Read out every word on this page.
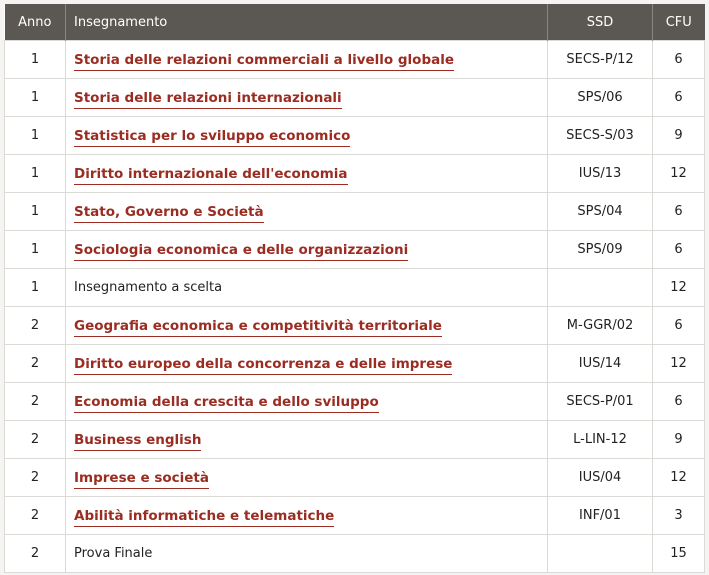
Anno	Insegnamento	SSD	CFU
1	Storia delle relazioni commerciali a livello globale	SECS-P/12	6
1	Storia delle relazioni internazionali	SPS/06	6
1	Statistica per lo sviluppo economico	SECS-S/03	9
1	Diritto internazionale dell'economia	IUS/13	12
1	Stato, Governo e Società	SPS/04	6
1	Sociologia economica e delle organizzazioni	SPS/09	6
1	Insegnamento a scelta		12
2	Geografia economica e competitività territoriale	M-GGR/02	6
2	Diritto europeo della concorrenza e delle imprese	IUS/14	12
2	Economia della crescita e dello sviluppo	SECS-P/01	6
2	Business english	L-LIN-12	9
2	Imprese e società	IUS/04	12
2	Abilità informatiche e telematiche	INF/01	3
2	Prova Finale		15
